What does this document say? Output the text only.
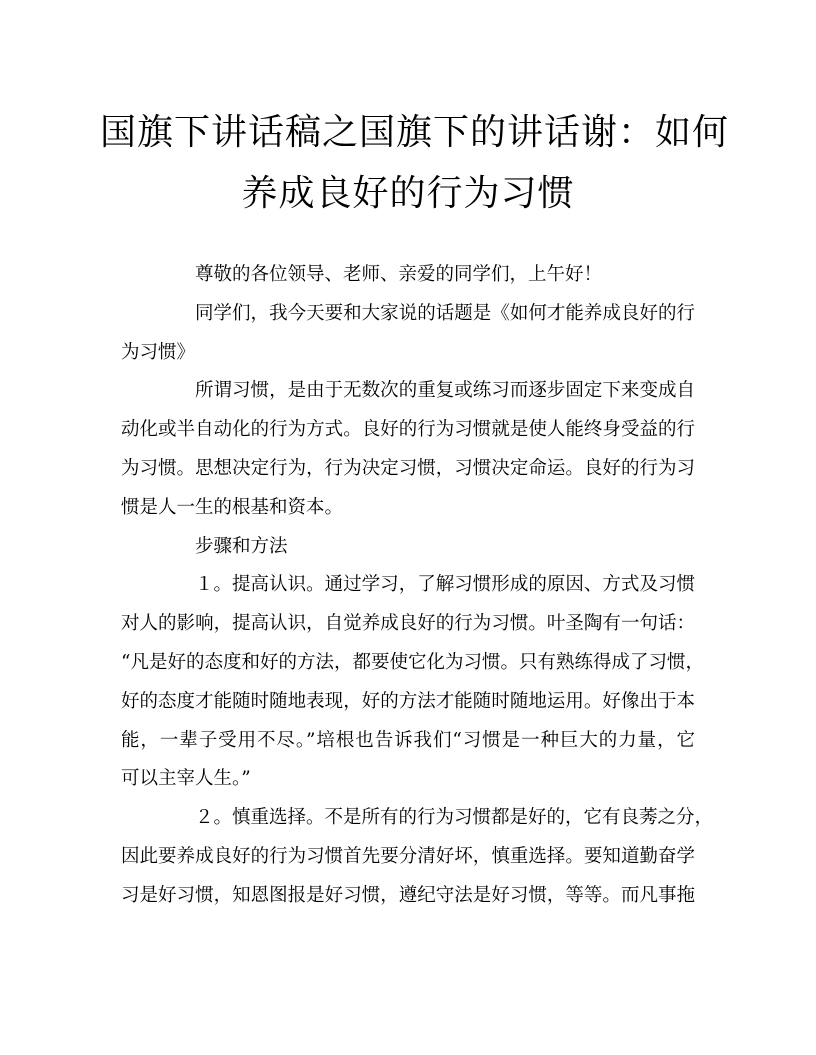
国旗下讲话稿之国旗下的讲话谢：如何
养成良好的行为习惯
尊敬的各位领导、老师、亲爱的同学们，上午好！
同学们，我今天要和大家说的话题是《如何才能养成良好的行
为习惯》
所谓习惯，是由于无数次的重复或练习而逐步固定下来变成自
动化或半自动化的行为方式。良好的行为习惯就是使人能终身受益的行
为习惯。思想决定行为，行为决定习惯，习惯决定命运。良好的行为习
惯是人一生的根基和资本。
步骤和方法
１。提高认识。通过学习，了解习惯形成的原因、方式及习惯
对人的影响，提高认识，自觉养成良好的行为习惯。叶圣陶有一句话：
“凡是好的态度和好的方法，都要使它化为习惯。只有熟练得成了习惯，
好的态度才能随时随地表现，好的方法才能随时随地运用。好像出于本
能，一辈子受用不尽。”培根也告诉我们“习惯是一种巨大的力量，它
可以主宰人生。”
２。慎重选择。不是所有的行为习惯都是好的，它有良莠之分，
因此要养成良好的行为习惯首先要分清好坏，慎重选择。要知道勤奋学
习是好习惯，知恩图报是好习惯，遵纪守法是好习惯，等等。而凡事拖
